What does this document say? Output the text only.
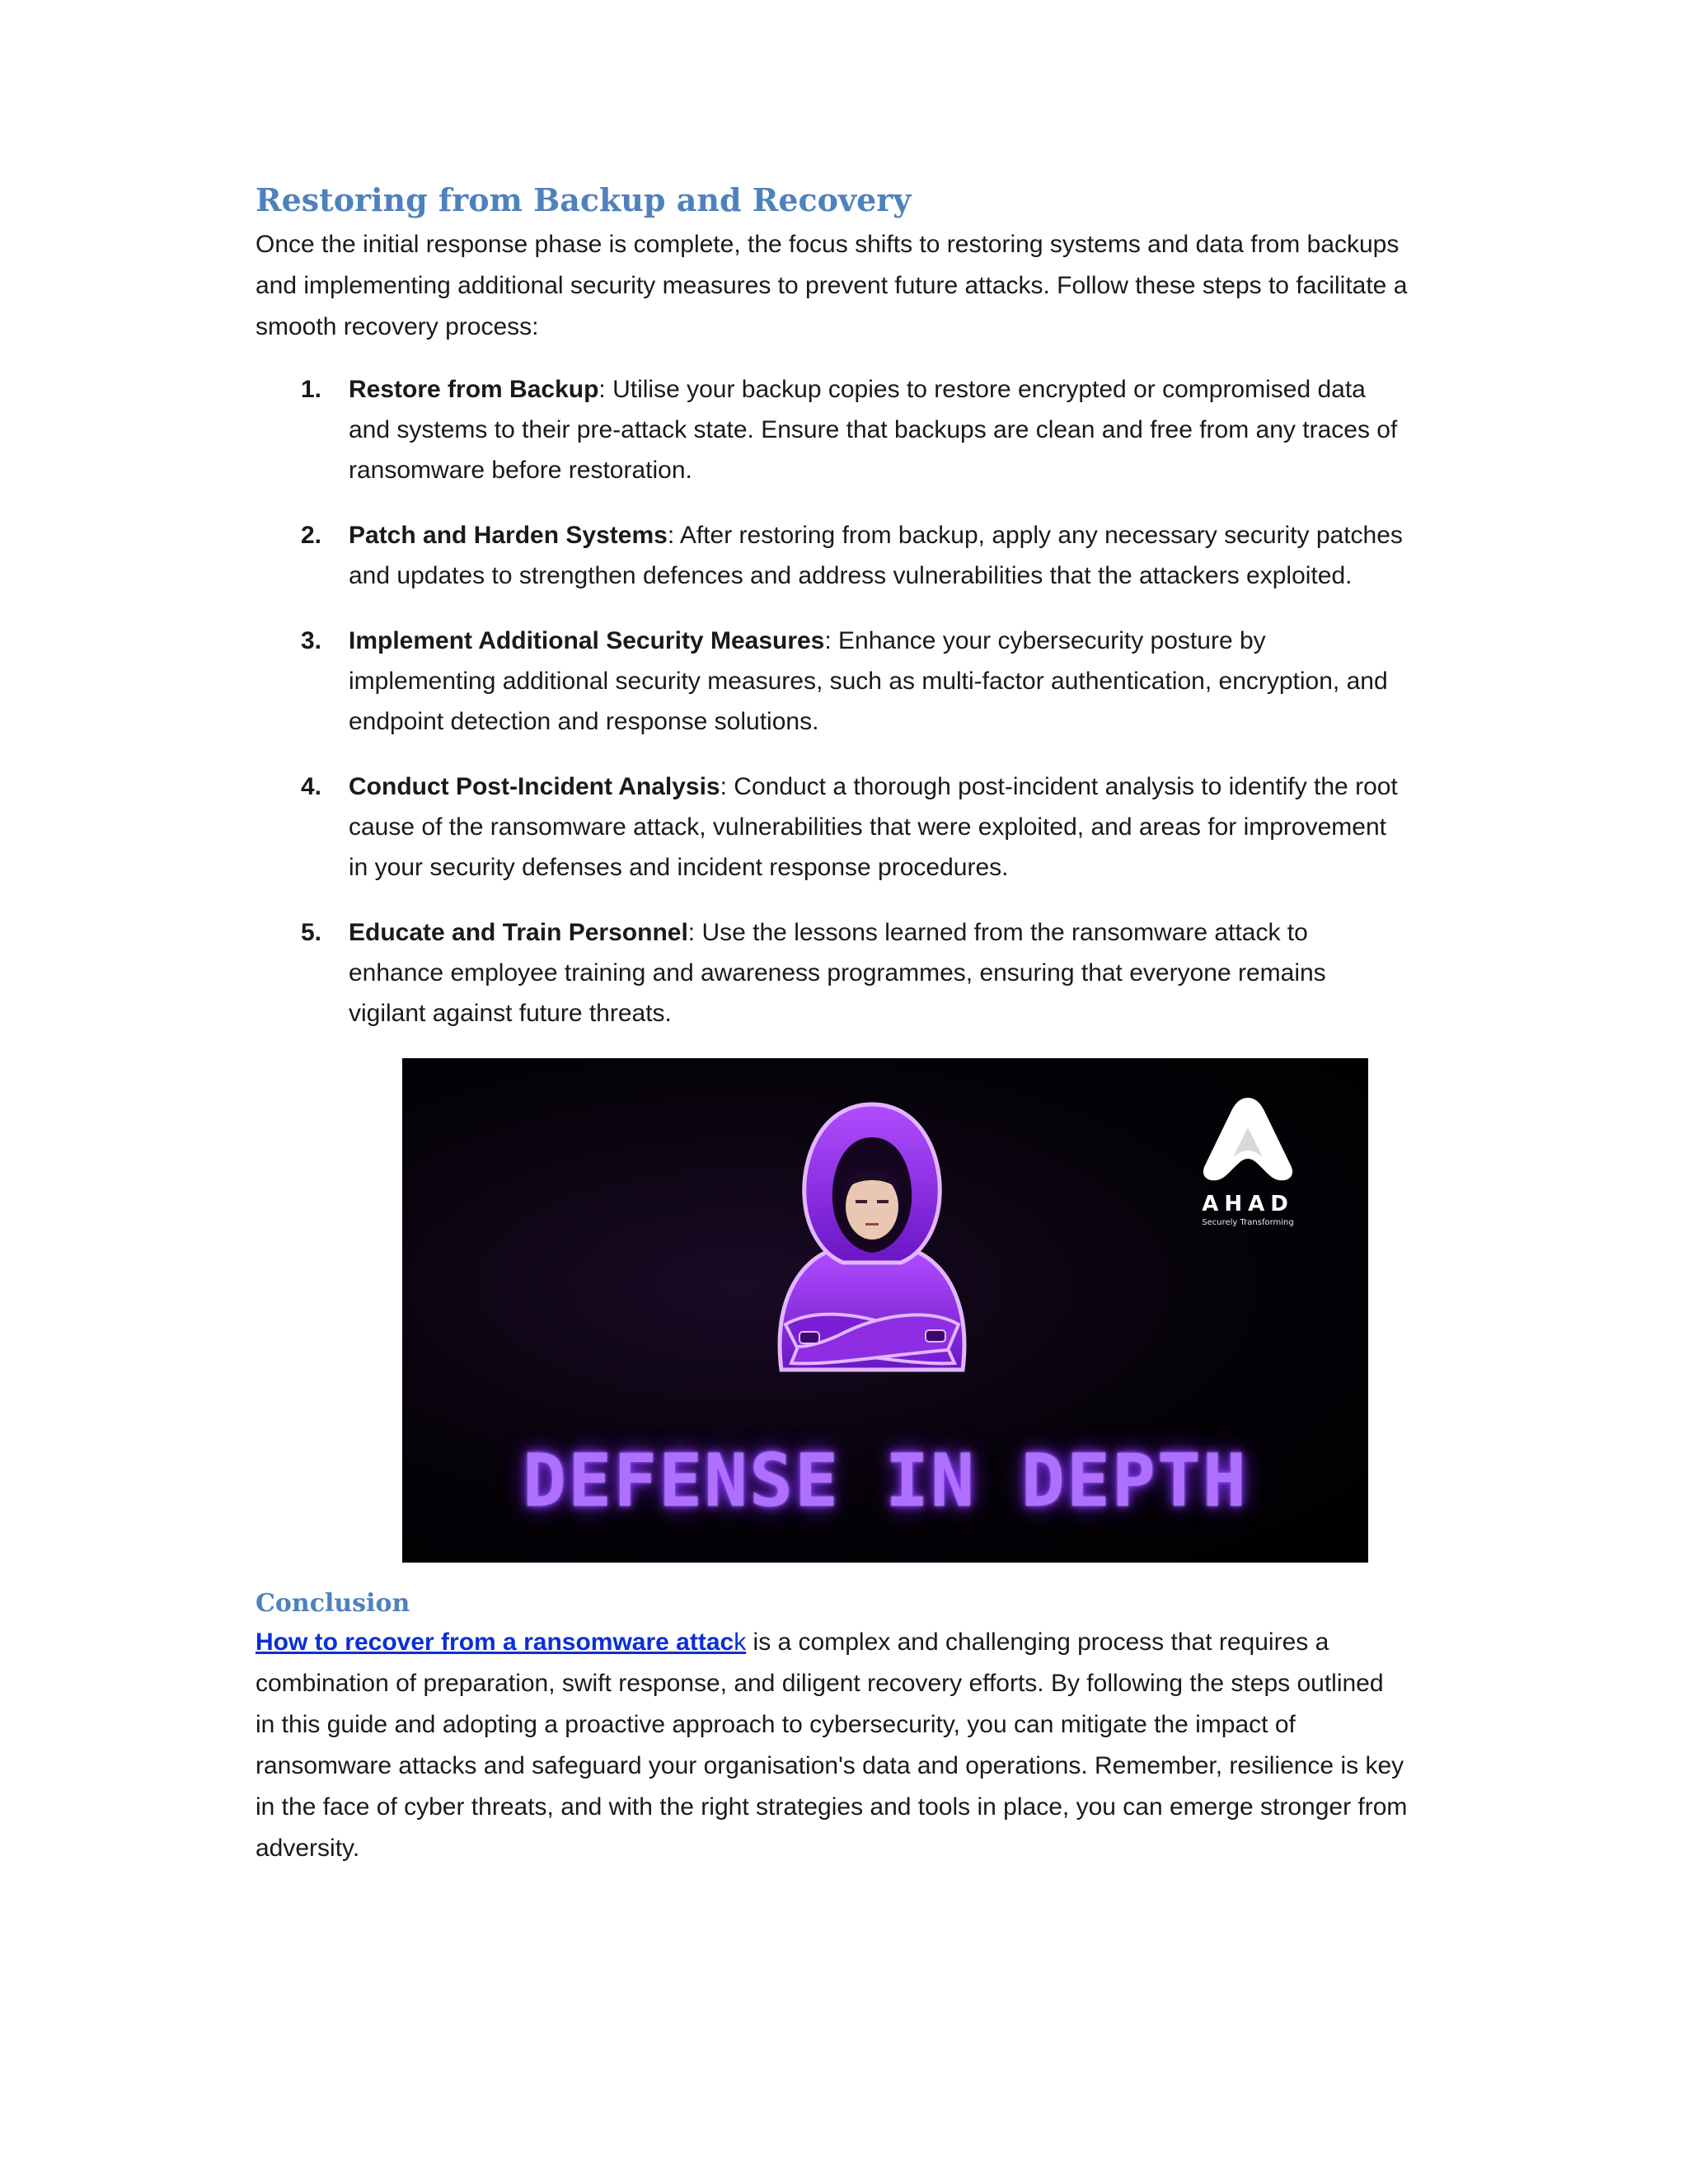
Restoring from Backup and Recovery

Once the initial response phase is complete, the focus shifts to restoring systems and data from backups and implementing additional security measures to prevent future attacks. Follow these steps to facilitate a smooth recovery process:

1. Restore from Backup: Utilise your backup copies to restore encrypted or compromised data and systems to their pre-attack state. Ensure that backups are clean and free from any traces of ransomware before restoration.
2. Patch and Harden Systems: After restoring from backup, apply any necessary security patches and updates to strengthen defences and address vulnerabilities that the attackers exploited.
3. Implement Additional Security Measures: Enhance your cybersecurity posture by implementing additional security measures, such as multi-factor authentication, encryption, and endpoint detection and response solutions.
4. Conduct Post-Incident Analysis: Conduct a thorough post-incident analysis to identify the root cause of the ransomware attack, vulnerabilities that were exploited, and areas for improvement in your security defenses and incident response procedures.
5. Educate and Train Personnel: Use the lessons learned from the ransomware attack to enhance employee training and awareness programmes, ensuring that everyone remains vigilant against future threats.
AHAD
Securely Transforming
DEFENSE IN DEPTH
Conclusion

How to recover from a ransomware attack is a complex and challenging process that requires a combination of preparation, swift response, and diligent recovery efforts. By following the steps outlined in this guide and adopting a proactive approach to cybersecurity, you can mitigate the impact of ransomware attacks and safeguard your organisation's data and operations. Remember, resilience is key in the face of cyber threats, and with the right strategies and tools in place, you can emerge stronger from adversity.
